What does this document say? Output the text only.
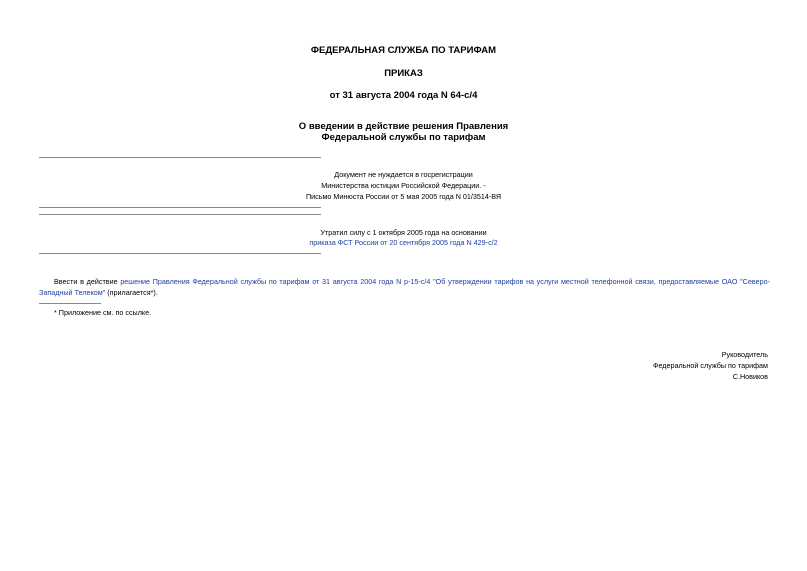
ФЕДЕРАЛЬНАЯ СЛУЖБА ПО ТАРИФАМ
ПРИКАЗ
от 31 августа 2004 года N 64-с/4
О введении в действие решения Правления
Федеральной службы по тарифам
Документ не нуждается в госрегистрации
Министерства юстиции Российской Федерации. -
Письмо Минюста России от 5 мая 2005 года N 01/3514-ВЯ
Утратил силу с 1 октября 2005 года на основании
приказа ФСТ России от 20 сентября 2005 года N 429-с/2
Ввести в действие решение Правления Федеральной службы по тарифам от 31 августа 2004 года N р-15-с/4 "Об утверждении тарифов на услуги местной телефонной связи, предоставляемые ОАО "Северо-Западный Телеком" (прилагается*).
* Приложение см. по ссылке.
Руководитель
Федеральной службы по тарифам
С.Новиков
